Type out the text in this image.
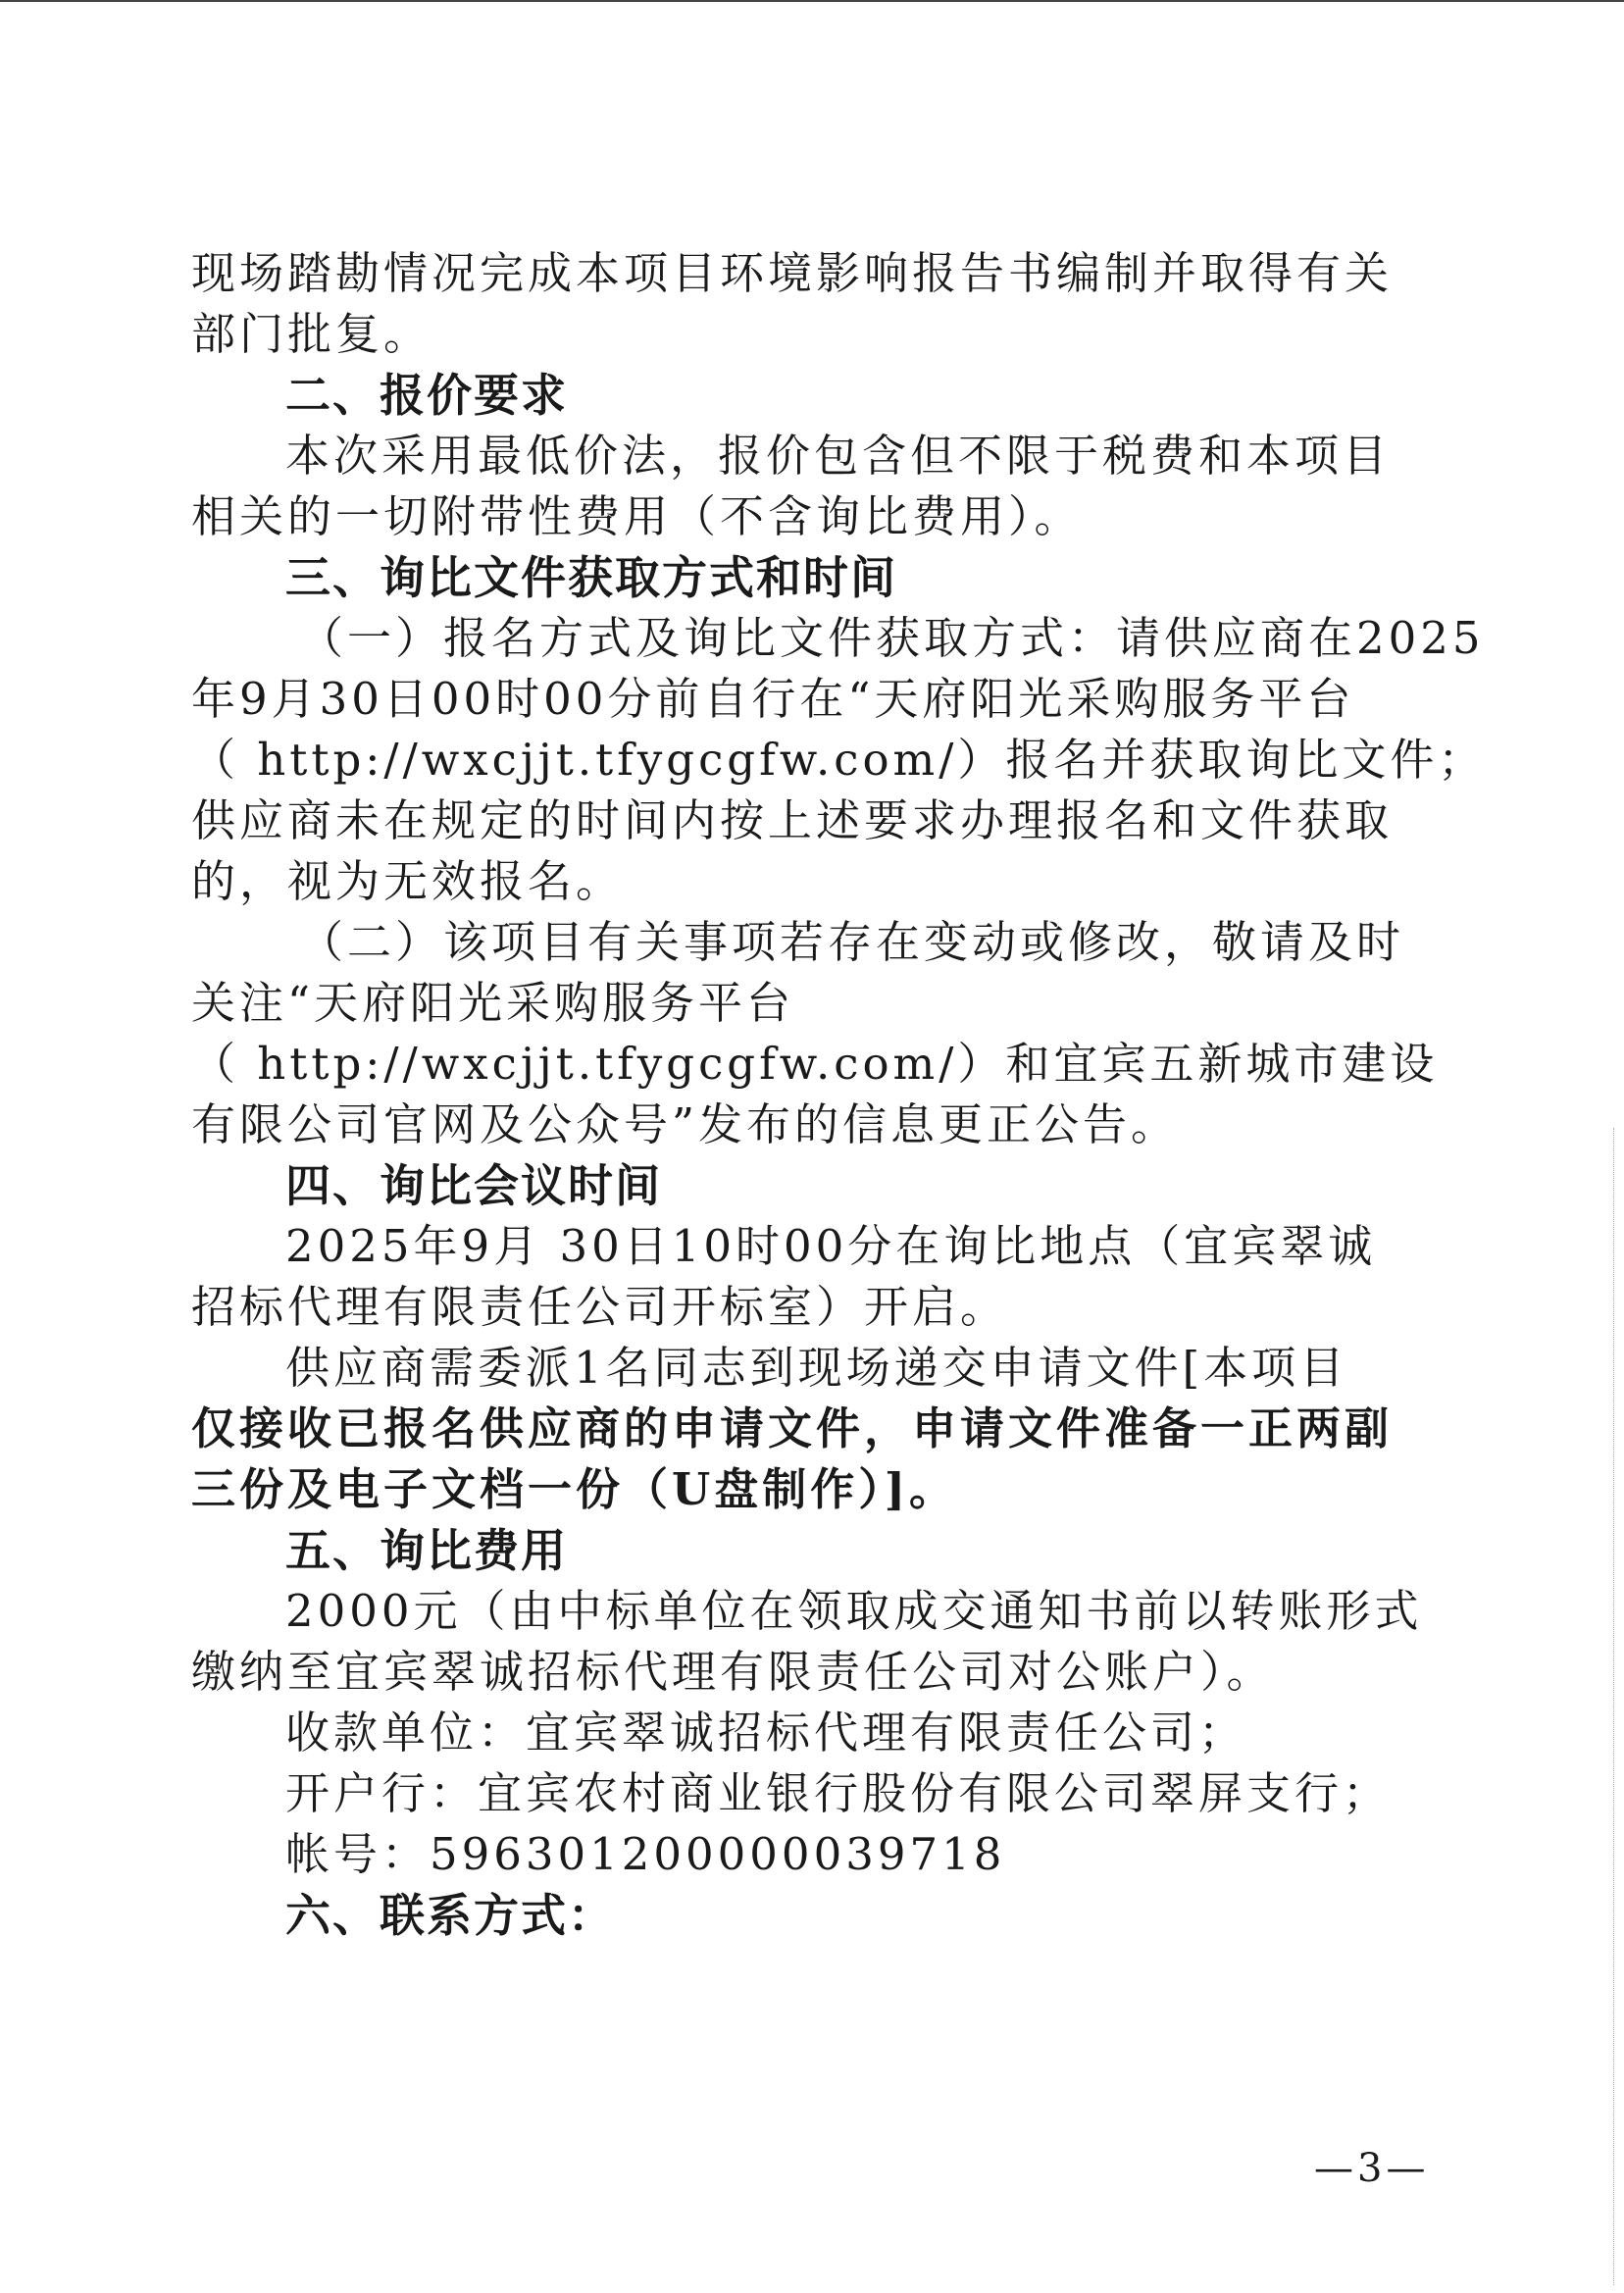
现场踏勘情况完成本项目环境影响报告书编制并取得有关
部门批复。
二、报价要求
本次采用最低价法，报价包含但不限于税费和本项目
相关的一切附带性费用（不含询比费用）。
三、询比文件获取方式和时间
（一）报名方式及询比文件获取方式：请供应商在2025
年9月30日00时00分前自行在“天府阳光采购服务平台
（ http://wxcjjt.tfygcgfw.com/）报名并获取询比文件；
供应商未在规定的时间内按上述要求办理报名和文件获取
的，视为无效报名。
（二）该项目有关事项若存在变动或修改，敬请及时
关注“天府阳光采购服务平台
（ http://wxcjjt.tfygcgfw.com/）和宜宾五新城市建设
有限公司官网及公众号”发布的信息更正公告。
四、询比会议时间
2025年9月 30日10时00分在询比地点（宜宾翠诚
招标代理有限责任公司开标室）开启。
供应商需委派1名同志到现场递交申请文件[本项目
仅接收已报名供应商的申请文件，申请文件准备一正两副
三份及电子文档一份（U盘制作）]。
五、询比费用
2000元（由中标单位在领取成交通知书前以转账形式
缴纳至宜宾翠诚招标代理有限责任公司对公账户）。
收款单位：宜宾翠诚招标代理有限责任公司；
开户行：宜宾农村商业银行股份有限公司翠屏支行；
帐号：596301200000039718
六、联系方式：
—3—
